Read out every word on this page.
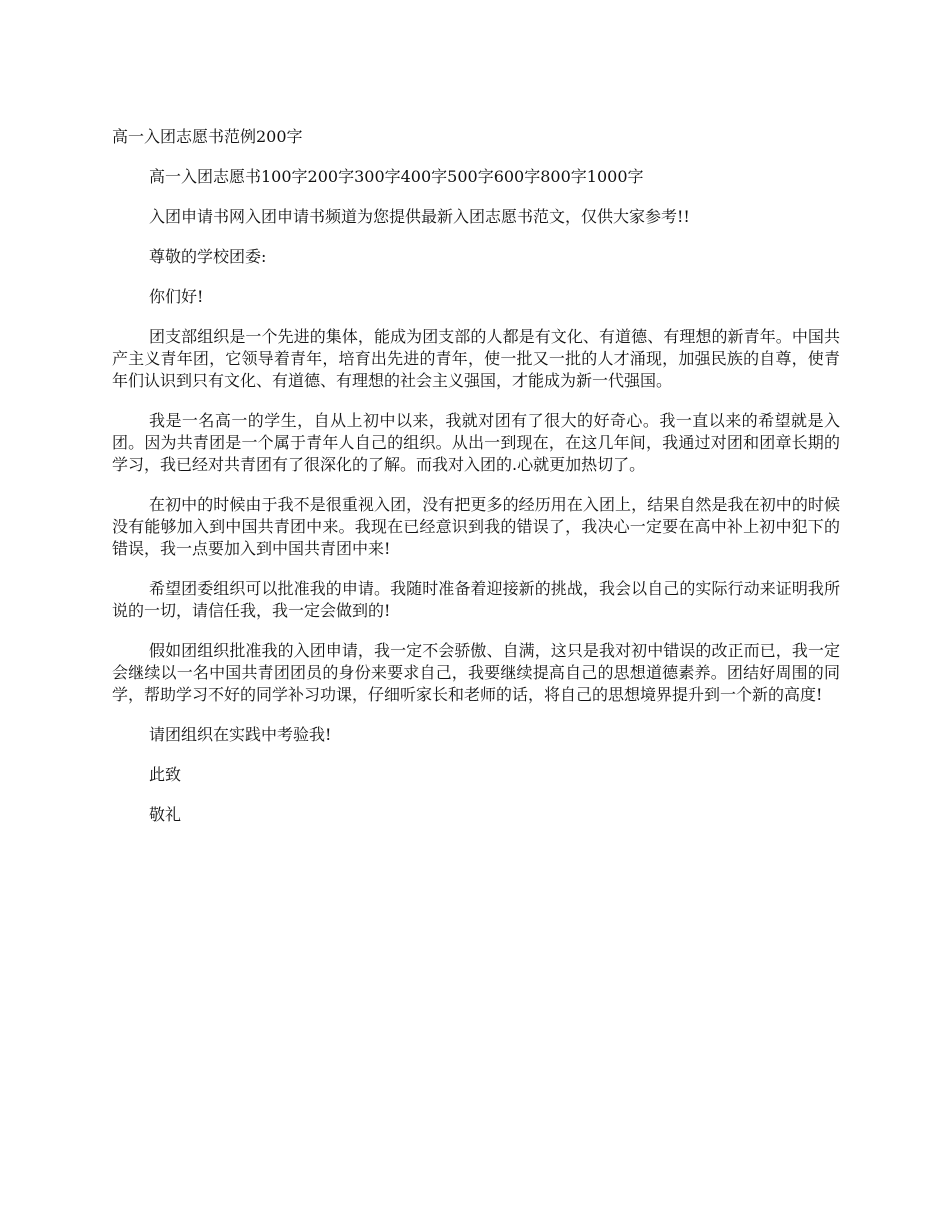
高一入团志愿书范例200字

高一入团志愿书100字200字300字400字500字600字800字1000字

入团申请书网入团申请书频道为您提供最新入团志愿书范文，仅供大家参考!!

尊敬的学校团委:

你们好!

团支部组织是一个先进的集体，能成为团支部的人都是有文化、有道德、有理想的新青年。中国共产主义青年团，它领导着青年，培育出先进的青年，使一批又一批的人才涌现，加强民族的自尊，使青年们认识到只有文化、有道德、有理想的社会主义强国，才能成为新一代强国。

我是一名高一的学生，自从上初中以来，我就对团有了很大的好奇心。我一直以来的希望就是入团。因为共青团是一个属于青年人自己的组织。从出一到现在，在这几年间，我通过对团和团章长期的学习，我已经对共青团有了很深化的了解。而我对入团的.心就更加热切了。

在初中的时候由于我不是很重视入团，没有把更多的经历用在入团上，结果自然是我在初中的时候没有能够加入到中国共青团中来。我现在已经意识到我的错误了，我决心一定要在高中补上初中犯下的错误，我一点要加入到中国共青团中来!

希望团委组织可以批准我的申请。我随时准备着迎接新的挑战，我会以自己的实际行动来证明我所说的一切，请信任我，我一定会做到的!

假如团组织批准我的入团申请，我一定不会骄傲、自满，这只是我对初中错误的改正而已，我一定会继续以一名中国共青团团员的身份来要求自己，我要继续提高自己的思想道德素养。团结好周围的同学，帮助学习不好的同学补习功课，仔细听家长和老师的话，将自己的思想境界提升到一个新的高度!

请团组织在实践中考验我!

此致

敬礼
